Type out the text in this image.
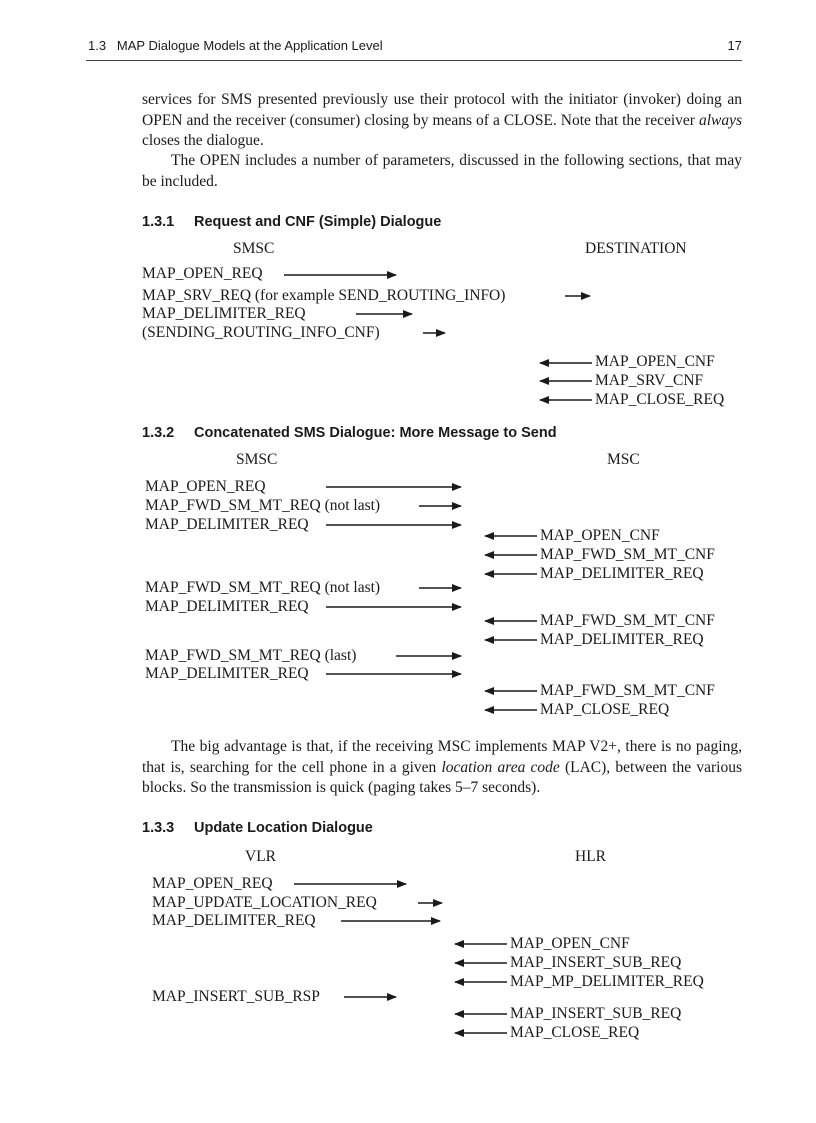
1.3   MAP Dialogue Models at the Application Level	17

services for SMS presented previously use their protocol with the initiator (invoker) doing an OPEN and the receiver (consumer) closing by means of a CLOSE. Note that the receiver always closes the dialogue.

The OPEN includes a number of parameters, discussed in the following sections, that may be included.

1.3.1 Request and CNF (Simple) Dialogue
SMSC	DESTINATION
MAP_OPEN_REQ
MAP_SRV_REQ (for example SEND_ROUTING_INFO)
MAP_DELIMITER_REQ
(SENDING_ROUTING_INFO_CNF)
MAP_OPEN_CNF
MAP_SRV_CNF
MAP_CLOSE_REQ
1.3.2 Concatenated SMS Dialogue: More Message to Send
SMSC	MSC
MAP_OPEN_REQ
MAP_FWD_SM_MT_REQ (not last)
MAP_DELIMITER_REQ
MAP_OPEN_CNF
MAP_FWD_SM_MT_CNF
MAP_DELIMITER_REQ
MAP_FWD_SM_MT_REQ (not last)
MAP_DELIMITER_REQ
MAP_FWD_SM_MT_CNF
MAP_DELIMITER_REQ
MAP_FWD_SM_MT_REQ (last)
MAP_DELIMITER_REQ
MAP_FWD_SM_MT_CNF
MAP_CLOSE_REQ

The big advantage is that, if the receiving MSC implements MAP V2+, there is no paging, that is, searching for the cell phone in a given location area code (LAC), between the various blocks. So the transmission is quick (paging takes 5–7 seconds).

1.3.3 Update Location Dialogue
VLR	HLR
MAP_OPEN_REQ
MAP_UPDATE_LOCATION_REQ
MAP_DELIMITER_REQ
MAP_OPEN_CNF
MAP_INSERT_SUB_REQ
MAP_MP_DELIMITER_REQ
MAP_INSERT_SUB_RSP
MAP_INSERT_SUB_REQ
MAP_CLOSE_REQ
